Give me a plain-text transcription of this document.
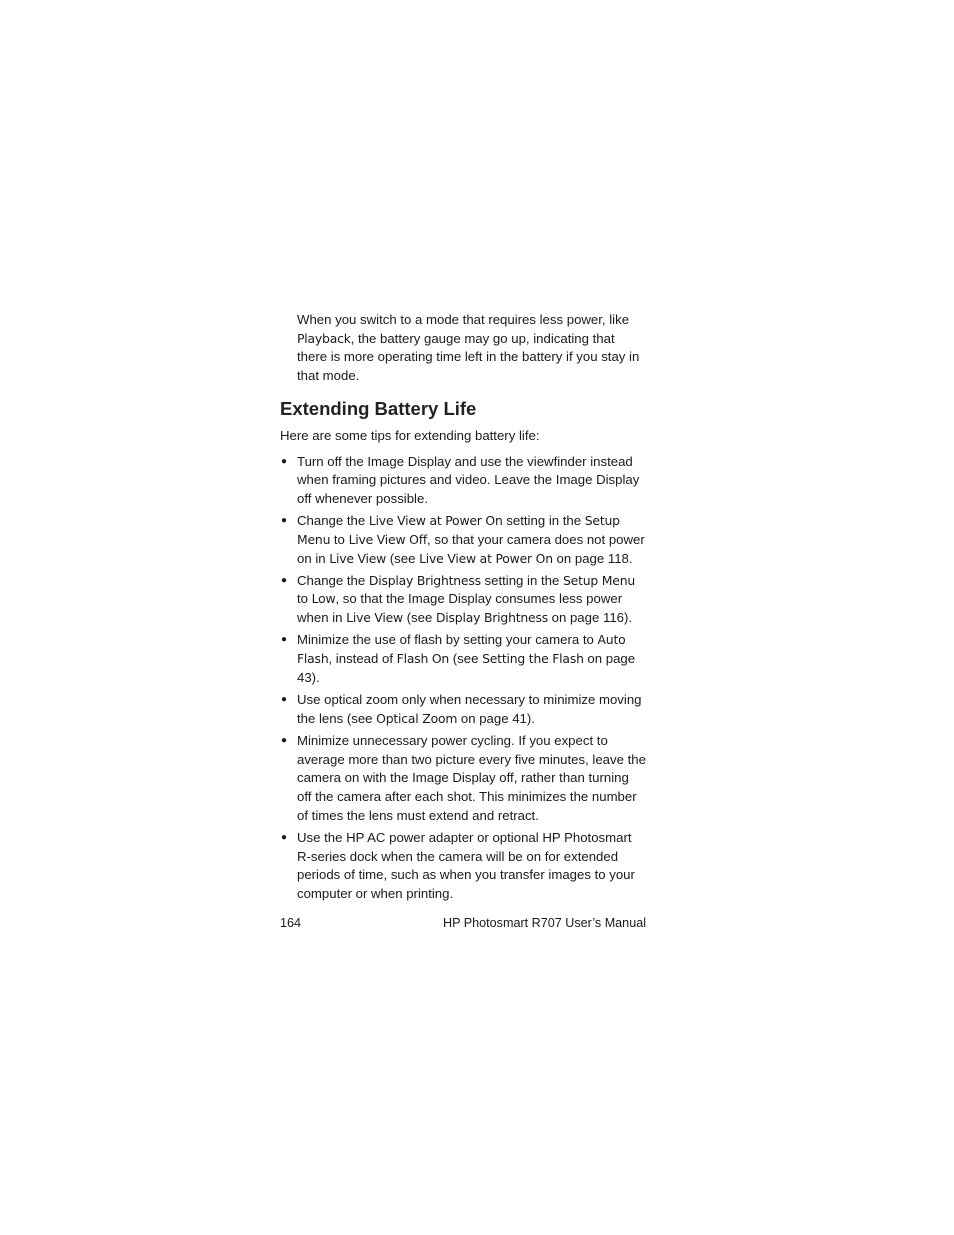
When you switch to a mode that requires less power, like Playback, the battery gauge may go up, indicating that there is more operating time left in the battery if you stay in that mode.

Extending Battery Life

Here are some tips for extending battery life:

● Turn off the Image Display and use the viewfinder instead when framing pictures and video. Leave the Image Display off whenever possible.
● Change the Live View at Power On setting in the Setup Menu to Live View Off, so that your camera does not power on in Live View (see Live View at Power On on page 118.
● Change the Display Brightness setting in the Setup Menu to Low, so that the Image Display consumes less power when in Live View (see Display Brightness on page 116).
● Minimize the use of flash by setting your camera to Auto Flash, instead of Flash On (see Setting the Flash on page 43).
● Use optical zoom only when necessary to minimize moving the lens (see Optical Zoom on page 41).
● Minimize unnecessary power cycling. If you expect to average more than two picture every five minutes, leave the camera on with the Image Display off, rather than turning off the camera after each shot. This minimizes the number of times the lens must extend and retract.
● Use the HP AC power adapter or optional HP Photosmart R-series dock when the camera will be on for extended periods of time, such as when you transfer images to your computer or when printing.
164	HP Photosmart R707 User’s Manual
